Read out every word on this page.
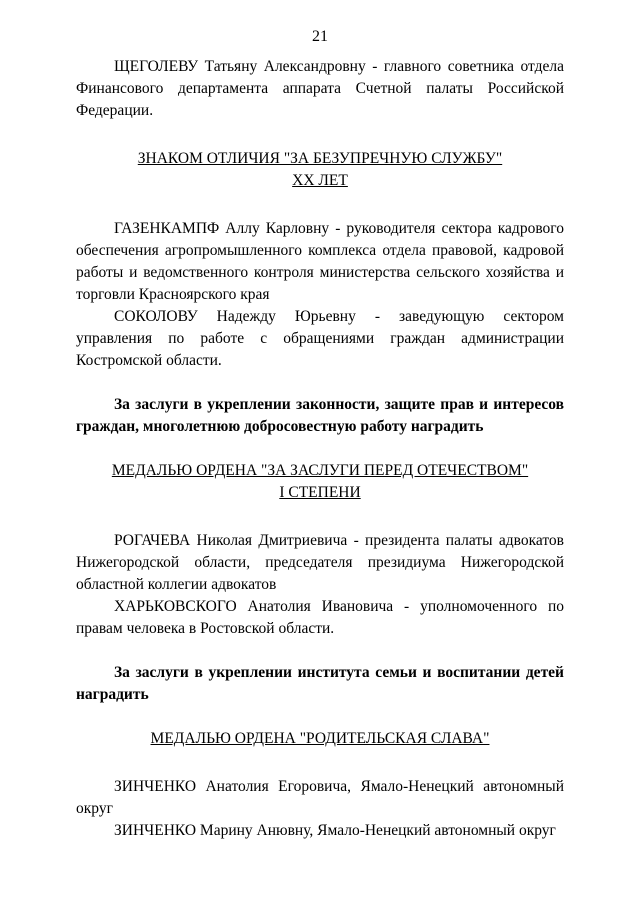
21

ЩЕГОЛЕВУ Татьяну Александровну - главного советника отдела Финансового департамента аппарата Счетной палаты Российской Федерации.

ЗНАКОМ ОТЛИЧИЯ "ЗА БЕЗУПРЕЧНУЮ СЛУЖБУ"
XX ЛЕТ

ГАЗЕНКАМПФ Аллу Карловну - руководителя сектора кадрового обеспечения агропромышленного комплекса отдела правовой, кадровой работы и ведомственного контроля министерства сельского хозяйства и торговли Красноярского края

СОКОЛОВУ Надежду Юрьевну - заведующую сектором управления по работе с обращениями граждан администрации Костромской области.

За заслуги в укреплении законности, защите прав и интересов граждан, многолетнюю добросовестную работу наградить

МЕДАЛЬЮ ОРДЕНА "ЗА ЗАСЛУГИ ПЕРЕД ОТЕЧЕСТВОМ"
I СТЕПЕНИ

РОГАЧЕВА Николая Дмитриевича - президента палаты адвокатов Нижегородской области, председателя президиума Нижегородской областной коллегии адвокатов

ХАРЬКОВСКОГО Анатолия Ивановича - уполномоченного по правам человека в Ростовской области.

За заслуги в укреплении института семьи и воспитании детей наградить

МЕДАЛЬЮ ОРДЕНА "РОДИТЕЛЬСКАЯ СЛАВА"

ЗИНЧЕНКО Анатолия Егоровича, Ямало-Ненецкий автономный округ

ЗИНЧЕНКО Марину Анювну, Ямало-Ненецкий автономный округ
